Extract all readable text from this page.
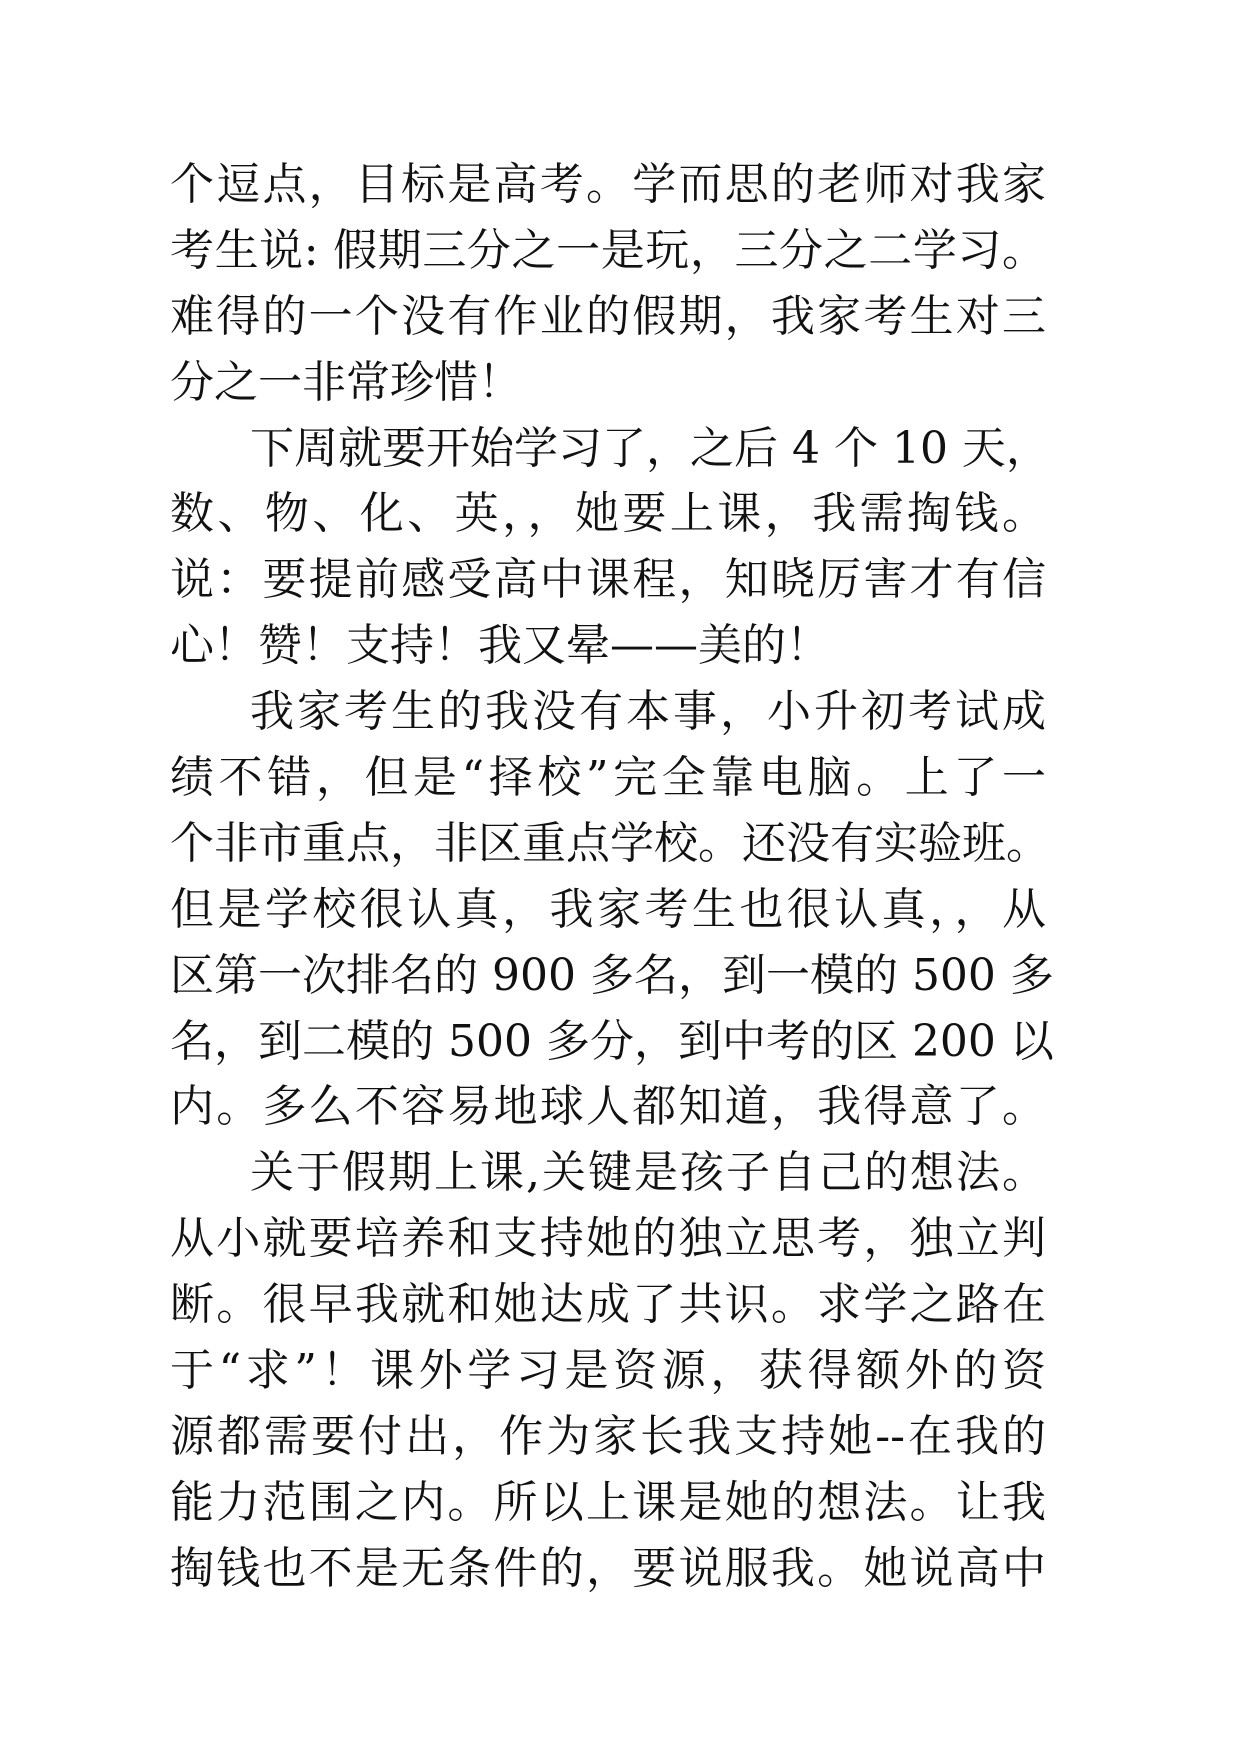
个逗点，目标是高考。学而思的老师对我家
考生说: 假期三分之一是玩，三分之二学习。
难得的一个没有作业的假期，我家考生对三
分之一非常珍惜！
下周就要开始学习了，之后 4 个 10 天，
数、物、化、英，，她要上课，我需掏钱。
说：要提前感受高中课程，知晓厉害才有信
心！赞！支持！我又晕——美的！
我家考生的我没有本事，小升初考试成
绩不错，但是“择校”完全靠电脑。上了一
个非市重点，非区重点学校。还没有实验班。
但是学校很认真，我家考生也很认真，，从
区第一次排名的 900 多名，到一模的 500 多
名，到二模的 500 多分，到中考的区 200 以
内。多么不容易地球人都知道，我得意了。
关于假期上课,关键是孩子自己的想法。
从小就要培养和支持她的独立思考，独立判
断。很早我就和她达成了共识。求学之路在
于“求”！课外学习是资源，获得额外的资
源都需要付出，作为家长我支持她--在我的
能力范围之内。所以上课是她的想法。让我
掏钱也不是无条件的，要说服我。她说高中
